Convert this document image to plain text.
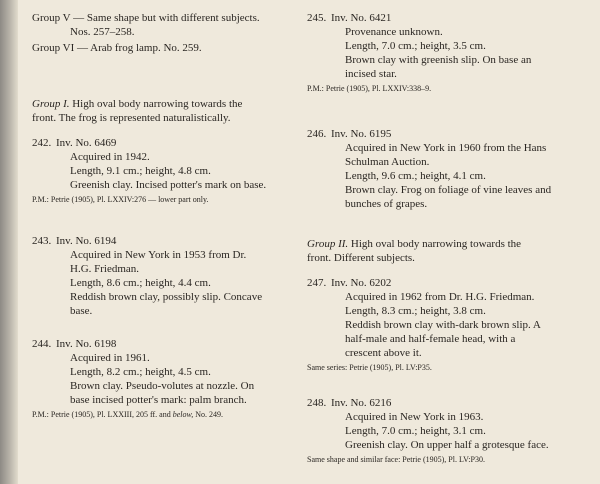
Group V — Same shape but with different subjects.
Nos. 257–258.
Group VI — Arab frog lamp. No. 259.
Group I. High oval body narrowing towards the
front. The frog is represented naturalistically.
242. Inv. No. 6469
Acquired in 1942.
Length, 9.1 cm.; height, 4.8 cm.
Greenish clay. Incised potter's mark on base.
P.M.: Petrie (1905), Pl. LXXIV:276 — lower part only.
243. Inv. No. 6194
Acquired in New York in 1953 from Dr.
H.G. Friedman.
Length, 8.6 cm.; height, 4.4 cm.
Reddish brown clay, possibly slip. Concave
base.
244. Inv. No. 6198
Acquired in 1961.
Length, 8.2 cm.; height, 4.5 cm.
Brown clay. Pseudo-volutes at nozzle. On
base incised potter's mark: palm branch.
P.M.: Petrie (1905), Pl. LXXIII, 205 ff. and below, No. 249.
245. Inv. No. 6421
Provenance unknown.
Length, 7.0 cm.; height, 3.5 cm.
Brown clay with greenish slip. On base an
incised star.
P.M.: Petrie (1905), Pl. LXXIV:338–9.
246. Inv. No. 6195
Acquired in New York in 1960 from the Hans
Schulman Auction.
Length, 9.6 cm.; height, 4.1 cm.
Brown clay. Frog on foliage of vine leaves and
bunches of grapes.
Group II. High oval body narrowing towards the
front. Different subjects.
247. Inv. No. 6202
Acquired in 1962 from Dr. H.G. Friedman.
Length, 8.3 cm.; height, 3.8 cm.
Reddish brown clay with-dark brown slip. A
half-male and half-female head, with a
crescent above it.
Same series: Petrie (1905), Pl. LV:P35.
248. Inv. No. 6216
Acquired in New York in 1963.
Length, 7.0 cm.; height, 3.1 cm.
Greenish clay. On upper half a grotesque face.
Same shape and similar face: Petrie (1905), Pl. LV:P30.
